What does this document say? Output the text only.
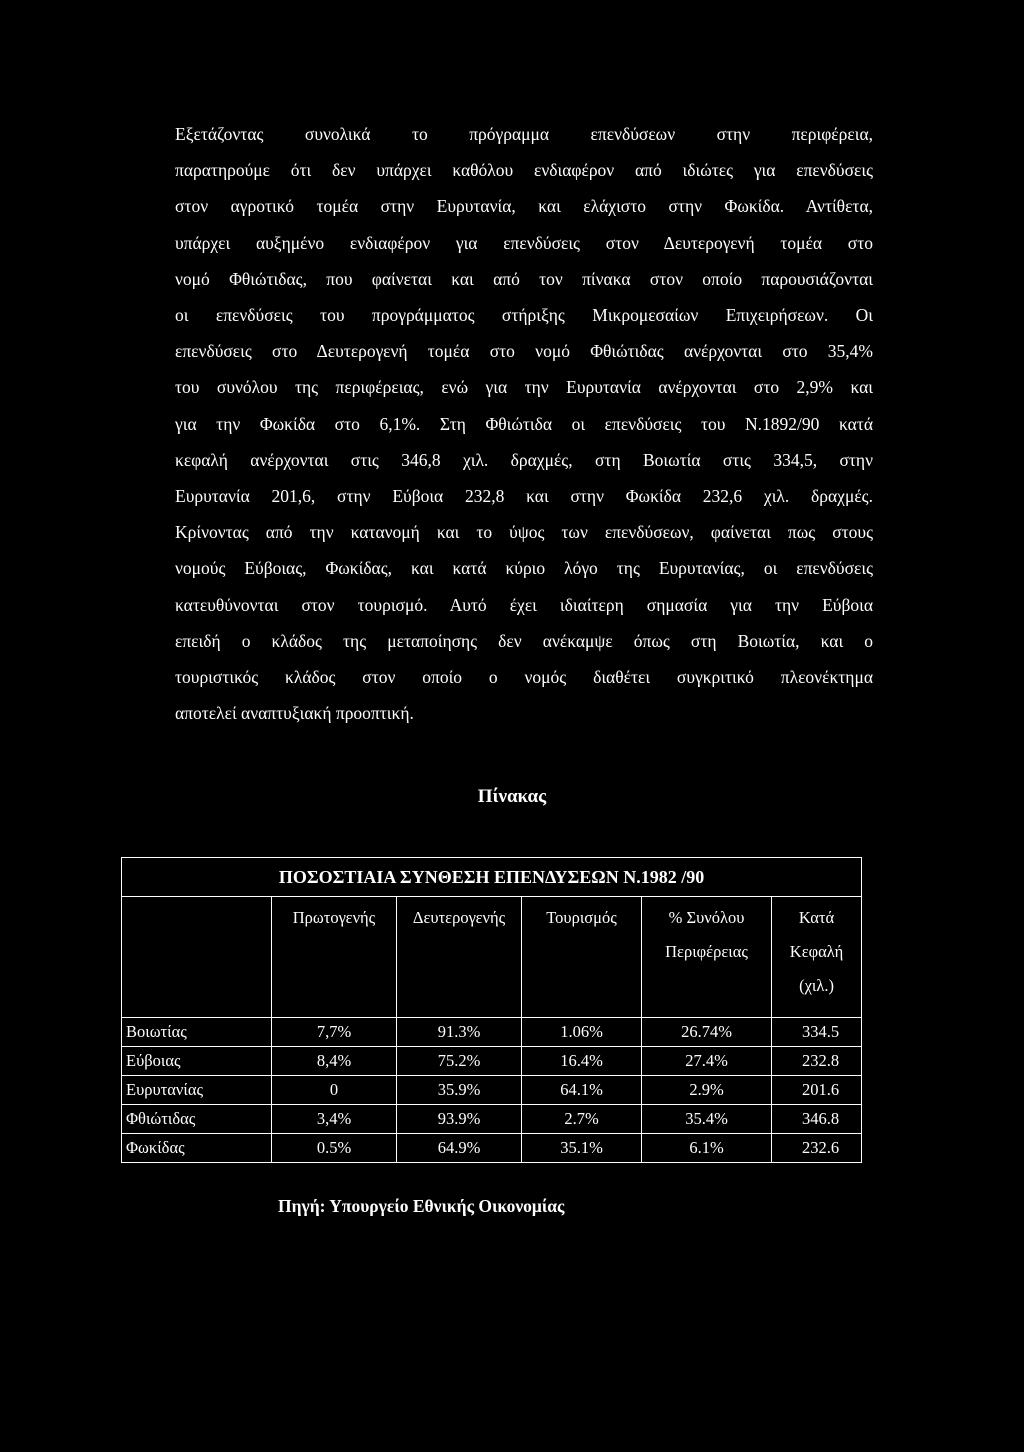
Εξετάζοντας συνολικά το πρόγραμμα επενδύσεων στην περιφέρεια,
παρατηρούμε ότι δεν υπάρχει καθόλου ενδιαφέρον από ιδιώτες για επενδύσεις
στον αγροτικό τομέα στην Ευρυτανία, και ελάχιστο στην Φωκίδα. Αντίθετα,
υπάρχει αυξημένο ενδιαφέρον για επενδύσεις στον Δευτερογενή τομέα στο
νομό Φθιώτιδας, που φαίνεται και από τον πίνακα στον οποίο παρουσιάζονται
οι επενδύσεις του προγράμματος στήριξης Μικρομεσαίων Επιχειρήσεων. Οι
επενδύσεις στο Δευτερογενή τομέα στο νομό Φθιώτιδας ανέρχονται στο 35,4%
του συνόλου της περιφέρειας, ενώ για την Ευρυτανία ανέρχονται στο 2,9% και
για την Φωκίδα στο 6,1%. Στη Φθιώτιδα οι επενδύσεις του Ν.1892/90 κατά
κεφαλή ανέρχονται στις 346,8 χιλ. δραχμές, στη Βοιωτία στις 334,5, στην
Ευρυτανία 201,6, στην Εύβοια 232,8 και στην Φωκίδα 232,6 χιλ. δραχμές.
Κρίνοντας από την κατανομή και το ύψος των επενδύσεων, φαίνεται πως στους
νομούς Εύβοιας, Φωκίδας, και κατά κύριο λόγο της Ευρυτανίας, οι επενδύσεις
κατευθύνονται στον τουρισμό. Αυτό έχει ιδιαίτερη σημασία για την Εύβοια
επειδή ο κλάδος της μεταποίησης δεν ανέκαμψε όπως στη Βοιωτία, και ο
τουριστικός κλάδος στον οποίο ο νομός διαθέτει συγκριτικό πλεονέκτημα
αποτελεί αναπτυξιακή προοπτική.
Πίνακας
ΠΟΣΟΣΤΙΑΙΑ ΣΥΝΘΕΣΗ ΕΠΕΝΔΥΣΕΩΝ Ν.1982 /90					
	Πρωτογενής	Δευτερογενής	Τουρισμός	% Συνόλου Περιφέρειας	Κατά Κεφαλή (χιλ.)
Βοιωτίας	7,7%	91.3%	1.06%	26.74%	334.5
Εύβοιας	8,4%	75.2%	16.4%	27.4%	232.8
Ευρυτανίας	0	35.9%	64.1%	2.9%	201.6
Φθιώτιδας	3,4%	93.9%	2.7%	35.4%	346.8
Φωκίδας	0.5%	64.9%	35.1%	6.1%	232.6
Πηγή: Υπουργείο Εθνικής Οικονομίας
